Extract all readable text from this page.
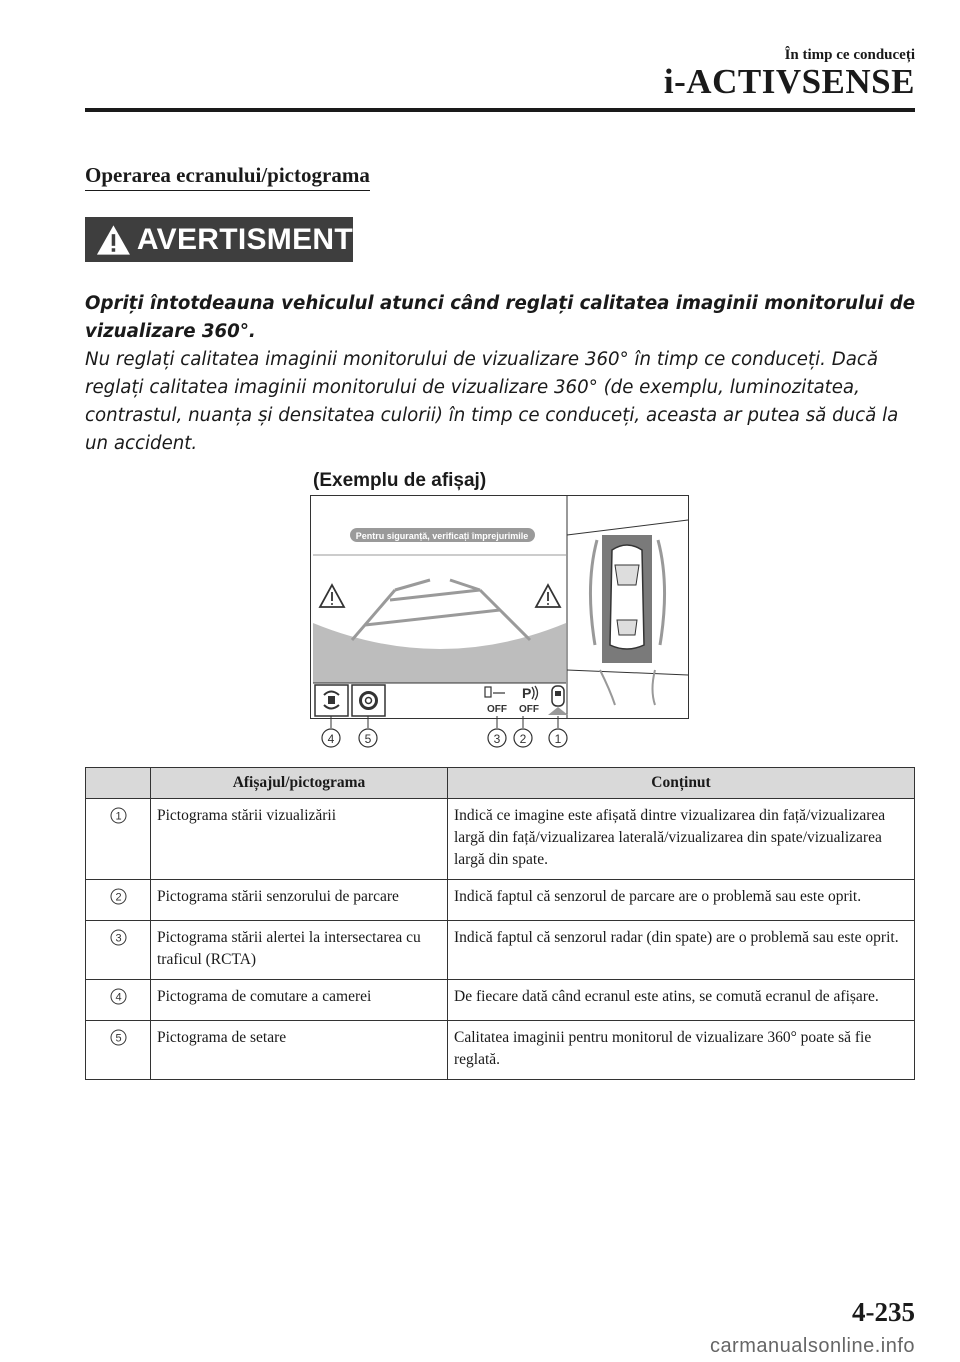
În timp ce conduceți
i-ACTIVSENSE
Operarea ecranului/pictograma
AVERTISMENT

Opriți întotdeauna vehiculul atunci când reglați calitatea imaginii monitorului de vizualizare 360°.
Nu reglați calitatea imaginii monitorului de vizualizare 360° în timp ce conduceți. Dacă reglați calitatea imaginii monitorului de vizualizare 360° (de exemplu, luminozitatea, contrastul, nuanța și densitatea culorii) în timp ce conduceți, aceasta ar putea să ducă la un accident.

(Exemplu de afișaj)
Pentru siguranță, verificați împrejurimile
OFF
P
OFF
4	5	3 2 1
	Afișajul/pictograma	Conținut

1	Pictograma stării vizualizării	Indică ce imagine este afișată dintre vizualizarea din față/vizualizarea largă din față/vizualizarea laterală/vizualizarea din spate/vizualizarea largă din spate.

2	Pictograma stării senzorului de parcare	Indică faptul că senzorul de parcare are o problemă sau este oprit.

3	Pictograma stării alertei la intersectarea cu traficul (RCTA)	Indică faptul că senzorul radar (din spate) are o problemă sau este oprit.

4	Pictograma de comutare a camerei	De fiecare dată când ecranul este atins, se comută ecranul de afișare.

5	Pictograma de setare	Calitatea imaginii pentru monitorul de vizualizare 360° poate să fie reglată.
4-235
carmanualsonline.info
